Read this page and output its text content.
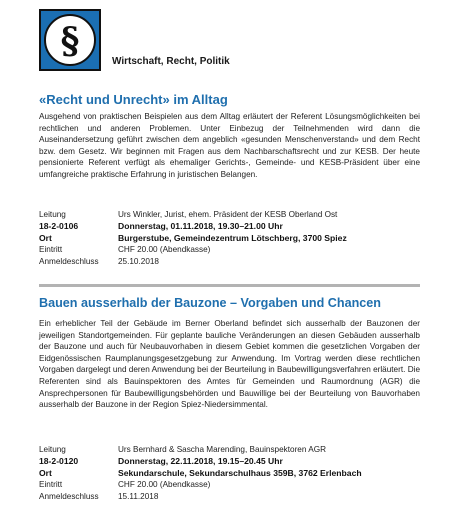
§	Wirtschaft, Recht, Politik
«Recht und Unrecht» im Alltag

Ausgehend von praktischen Beispielen aus dem Alltag erläutert der Referent Lösungsmöglichkeiten bei rechtlichen und anderen Problemen. Unter Einbezug der Teilnehmenden wird dann die Auseinandersetzung geführt zwischen dem angeblich «gesunden Menschenverstand» und dem Recht bzw. dem Gesetz. Wir beginnen mit Fragen aus dem Nachbarschaftsrecht und zur KESB. Der heute pensionierte Referent verfügt als ehemaliger Gerichts-, Gemeinde- und KESB-Präsident über eine umfangreiche praktische Erfahrung in juristischen Belangen.

Leitung	Urs Winkler, Jurist, ehem. Präsident der KESB Oberland Ost
18-2-0106	Donnerstag, 01.11.2018, 19.30–21.00 Uhr
Ort	Burgerstube, Gemeindezentrum Lötschberg, 3700 Spiez
Eintritt	CHF 20.00 (Abendkasse)
Anmeldeschluss	25.10.2018
Bauen ausserhalb der Bauzone – Vorgaben und Chancen

Ein erheblicher Teil der Gebäude im Berner Oberland befindet sich ausserhalb der Bauzonen der jeweiligen Standortgemeinden. Für geplante bauliche Veränderungen an diesen Gebäuden ausserhalb der Bauzone und auch für Neubauvorhaben in diesem Gebiet kommen die gesetzlichen Vorgaben der Eidgenössischen Raumplanungsgesetzgebung zur Anwendung. Im Vortrag werden diese rechtlichen Vorgaben dargelegt und deren Anwendung bei der Beurteilung in Baubewilligungsverfahren erläutert. Die Referenten sind als Bauinspektoren des Amtes für Gemeinden und Raumordnung (AGR) die Ansprechpersonen für Baubewilligungsbehörden und Bauwillige bei der Beurteilung von Bauvorhaben ausserhalb der Bauzone in der Region Spiez-Niedersimmental.

Leitung	Urs Bernhard & Sascha Marending, Bauinspektoren AGR
18-2-0120	Donnerstag, 22.11.2018, 19.15–20.45 Uhr
Ort	Sekundarschule, Sekundarschulhaus 359B, 3762 Erlenbach
Eintritt	CHF 20.00 (Abendkasse)
Anmeldeschluss	15.11.2018
